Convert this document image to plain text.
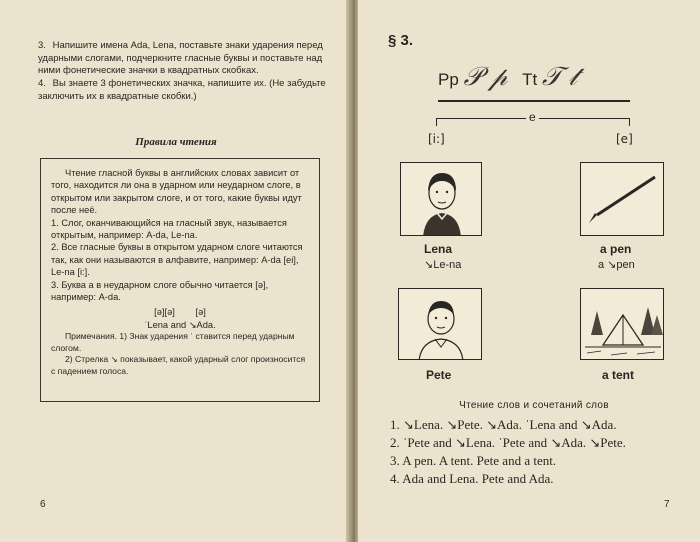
3. Напишите имена Ada, Lena, поставьте знаки ударения перед ударными слогами, подчеркните гласные буквы и поставьте над ними фонетические значки в квадратных скобках.
4. Вы знаете 3 фонетических значка, напишите их. (Не забудьте заключить их в квадратные скобки.)
Правила чтения

Чтение гласной буквы в английских словах зависит от того, находится ли она в ударном или неударном слоге, в открытом или закрытом слоге, и от того, какие буквы идут после неё.

1. Слог, оканчивающийся на гласный звук, называется открытым, например: A-da, Le-na.

2. Все гласные буквы в открытом ударном слоге читаются так, как они называются в алфавите, например: A-da [ei], Le-na [i:].

3. Буква a в неударном слоге обычно читается [ə], например: A-da.

[ə][ə]        [ə]

ˈLena and ↘Ada.

Примечания. 1) Знак ударения ˈ ставится перед ударным слогом.

2) Стрелка ↘ показывает, какой ударный слог произносится с падением голоса.

6
§ 3.
Pp 𝒫 𝓅 Tt 𝒯 𝓉
e
[i:]	[e]
Lena
↘Le-na
a pen
a ↘pen
Pete	a tent
Чтение слов и сочетаний слов
1. ↘Lena. ↘Pete. ↘Ada. ˈLena and ↘Ada.
2. ˈPete and ↘Lena. ˈPete and ↘Ada. ↘Pete.
3. A pen. A tent. Pete and a tent.
4. Ada and Lena. Pete and Ada.
7
